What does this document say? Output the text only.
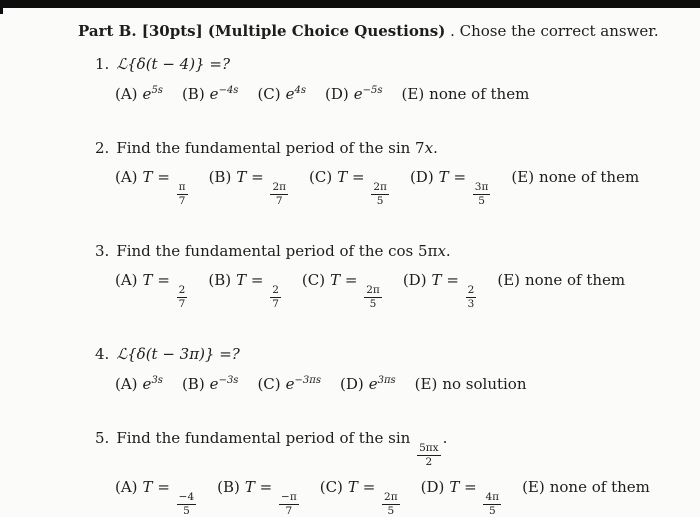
Part B. [30pts] (Multiple Choice Questions) . Chose the correct answer.
1. ℒ{δ(t − 4)} =?
(A) $e^{5s}$ (B) $e^{-4s}$ (C) $e^{4s}$ (D) $e^{-5s}$ (E) none of them
2. Find the fundamental period of the sin 7x.
(A) T =
$\frac{\pi}{7}$
(B) T =
$\frac{2\pi}{7}$
(C) T =
$\frac{2\pi}{5}$
(D) T =
$\frac{3\pi}{5}$
(E) none of them
3. Find the fundamental period of the cos 5πx.
(A) T =
$\frac{2}{7}$
(B) T =
$\frac{2}{7}$
(C) T =
$\frac{2\pi}{5}$
(D) T =
$\frac{2}{3}$
(E) none of them
4. ℒ{δ(t − 3π)} =?
(A) $e^{3s}$ (B) $e^{-3s}$ (C) $e^{-3\pi s}$ (D) $e^{3\pi s}$ (E) no solution
5. Find the fundamental period of the sin
$\frac{5\pi x}{2}$
.
(A) T =
$\frac{-4}{5}$
(B) T =
$\frac{-\pi}{7}$
(C) T =
$\frac{2\pi}{5}$
(D) T =
$\frac{4\pi}{5}$
(E) none of them
